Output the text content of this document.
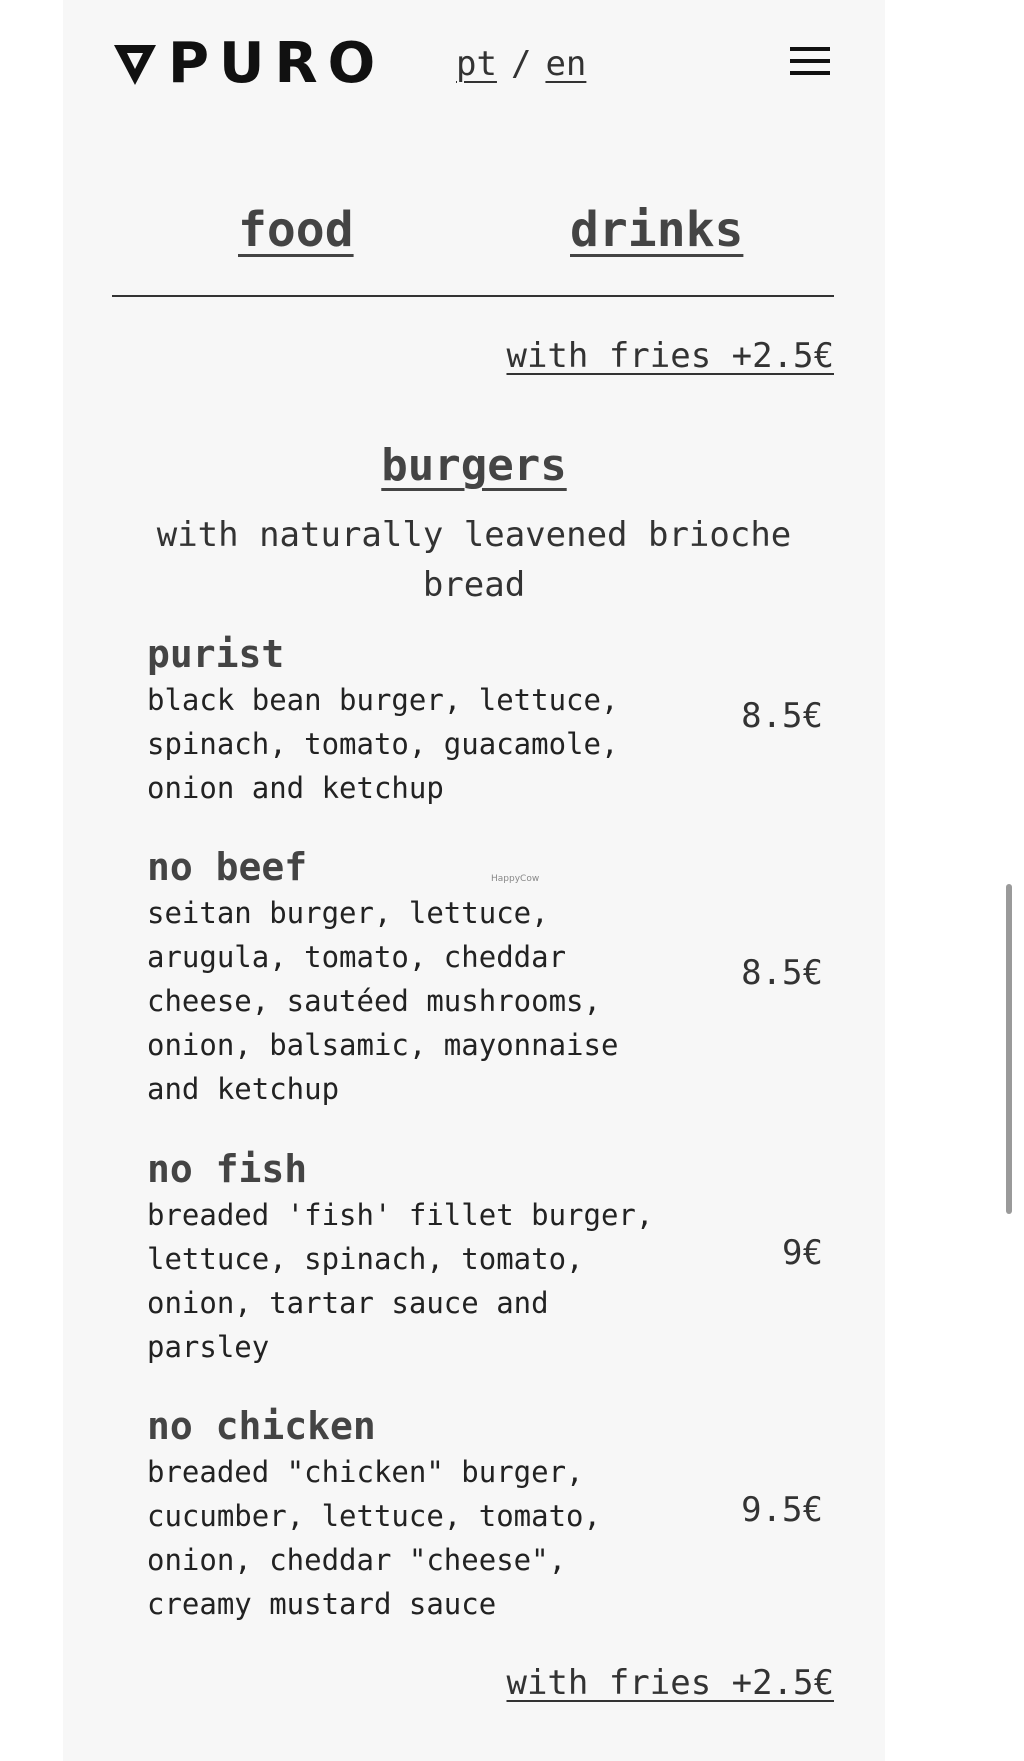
PURO pt / en
food	drinks
with fries +2.5€
burgers
with naturally leavened brioche bread

purist

black bean burger, lettuce,
spinach, tomato, guacamole,
onion and ketchup

8.5€

no beef

seitan burger, lettuce,
arugula, tomato, cheddar
cheese, sautéed mushrooms,
onion, balsamic, mayonnaise
and ketchup

8.5€
HappyCow

no fish

breaded 'fish' fillet burger,
lettuce, spinach, tomato,
onion, tartar sauce and
parsley

9€

no chicken

breaded "chicken" burger,
cucumber, lettuce, tomato,
onion, cheddar "cheese",
creamy mustard sauce

9.5€
with fries +2.5€
